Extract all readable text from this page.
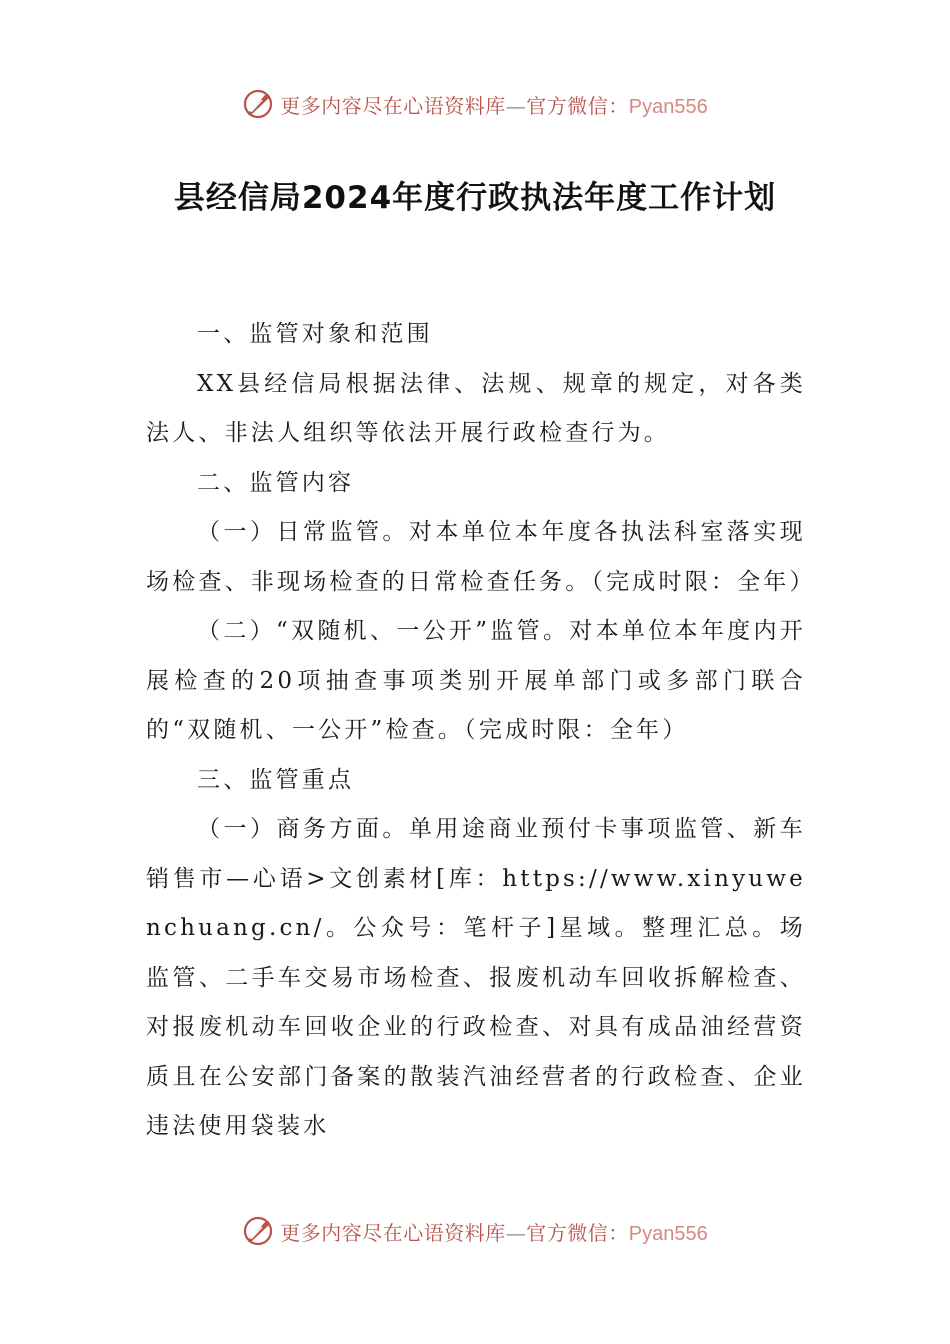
更多内容尽在心语资料库—官方微信：Pyan556
县经信局2024年度行政执法年度工作计划

一、监管对象和范围

XX县经信局根据法律、法规、规章的规定，对各类法人、非法人组织等依法开展行政检查行为。

二、监管内容

（一）日常监管。对本单位本年度各执法科室落实现场检查、非现场检查的日常检查任务。（完成时限：全年）

（二）“双随机、一公开”监管。对本单位本年度内开展检查的20项抽查事项类别开展单部门或多部门联合的“双随机、一公开”检查。（完成时限：全年）

三、监管重点

（一）商务方面。单用途商业预付卡事项监管、新车销售市—心语>文创素材[库：https://www.xinyuwenchuang.cn/。公众号：笔杆子]星域。整理汇总。场监管、二手车交易市场检查、报废机动车回收拆解检查、对报废机动车回收企业的行政检查、对具有成品油经营资质且在公安部门备案的散装汽油经营者的行政检查、企业违法使用袋装水

更多内容尽在心语资料库—官方微信：Pyan556
